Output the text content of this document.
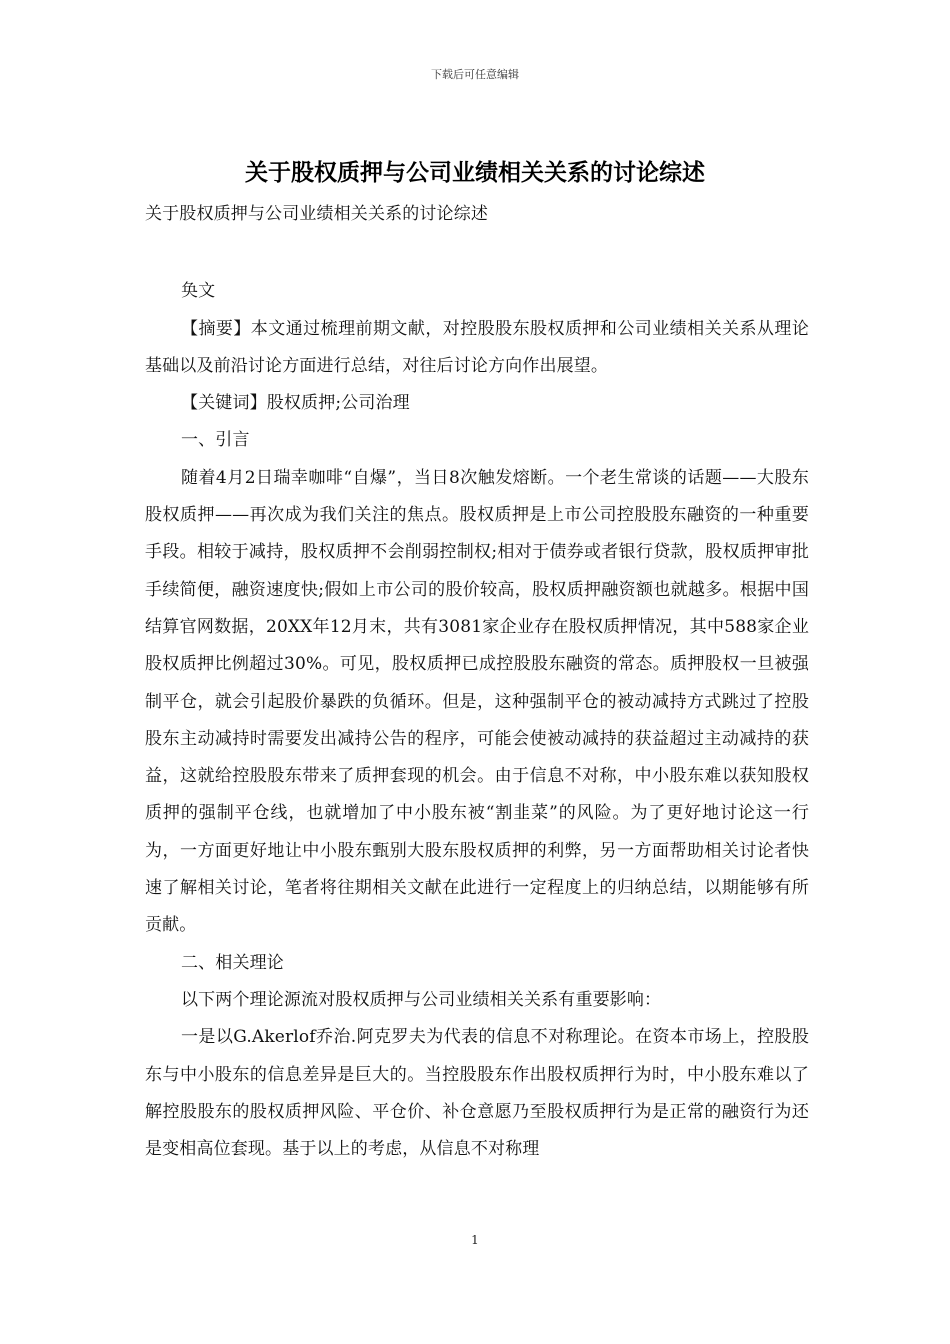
下载后可任意编辑
关于股权质押与公司业绩相关关系的讨论综述

关于股权质押与公司业绩相关关系的讨论综述

奂文

【摘要】本文通过梳理前期文献，对控股股东股权质押和公司业绩相关关系从理论基础以及前沿讨论方面进行总结，对往后讨论方向作出展望。

【关键词】股权质押;公司治理

一、引言

随着4月2日瑞幸咖啡“自爆”，当日8次触发熔断。一个老生常谈的话题——大股东股权质押——再次成为我们关注的焦点。股权质押是上市公司控股股东融资的一种重要手段。相较于减持，股权质押不会削弱控制权;相对于债券或者银行贷款，股权质押审批手续简便，融资速度快;假如上市公司的股价较高，股权质押融资额也就越多。根据中国结算官网数据，20XX年12月末，共有3081家企业存在股权质押情况，其中588家企业股权质押比例超过30%。可见，股权质押已成控股股东融资的常态。质押股权一旦被强制平仓，就会引起股价暴跌的负循环。但是，这种强制平仓的被动减持方式跳过了控股股东主动减持时需要发出减持公告的程序，可能会使被动减持的获益超过主动减持的获益，这就给控股股东带来了质押套现的机会。由于信息不对称，中小股东难以获知股权质押的强制平仓线，也就增加了中小股东被“割韭菜”的风险。为了更好地讨论这一行为，一方面更好地让中小股东甄别大股东股权质押的利弊，另一方面帮助相关讨论者快速了解相关讨论，笔者将往期相关文献在此进行一定程度上的归纳总结，以期能够有所贡献。

二、相关理论

以下两个理论源流对股权质押与公司业绩相关关系有重要影响：

一是以G.Akerlof乔治.阿克罗夫为代表的信息不对称理论。在资本市场上，控股股东与中小股东的信息差异是巨大的。当控股股东作出股权质押行为时，中小股东难以了解控股股东的股权质押风险、平仓价、补仓意愿乃至股权质押行为是正常的融资行为还是变相高位套现。基于以上的考虑，从信息不对称理

1
